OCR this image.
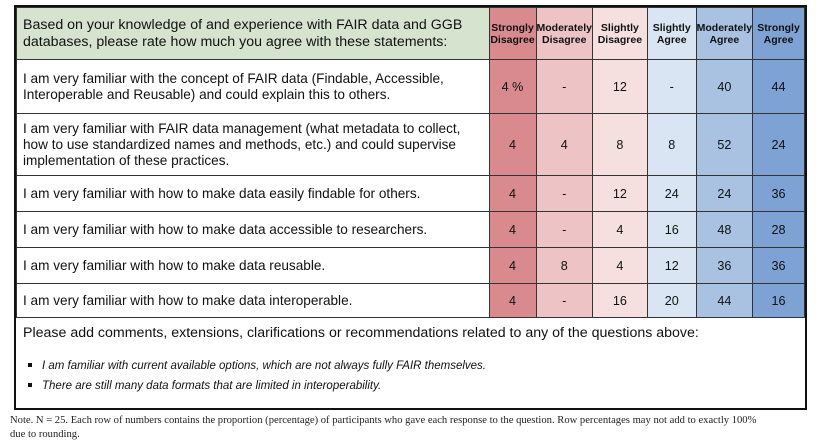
Based on your knowledge of and experience with FAIR data and GGB databases, please rate how much you agree with these statements:	Strongly Disagree	Moderately Disagree	Slightly Disagree	Slightly Agree	Moderately Agree	Strongly Agree
I am very familiar with the concept of FAIR data (Findable, Accessible, Interoperable and Reusable) and could explain this to others.	4 %	-	12	-	40	44
I am very familiar with FAIR data management (what metadata to collect, how to use standardized names and methods, etc.) and could supervise implementation of these practices.	4	4	8	8	52	24
I am very familiar with how to make data easily findable for others.	4	-	12	24	24	36
I am very familiar with how to make data accessible to researchers.	4	-	4	16	48	28
I am very familiar with how to make data reusable.	4	8	4	12	36	36
I am very familiar with how to make data interoperable.	4	-	16	20	44	16
Please add comments, extensions, clarifications or recommendations related to any of the questions above:
I am familiar with current available options, which are not always fully FAIR themselves.
There are still many data formats that are limited in interoperability.
Note. N = 25. Each row of numbers contains the proportion (percentage) of participants who gave each response to the question. Row percentages may not add to exactly 100% due to rounding.
